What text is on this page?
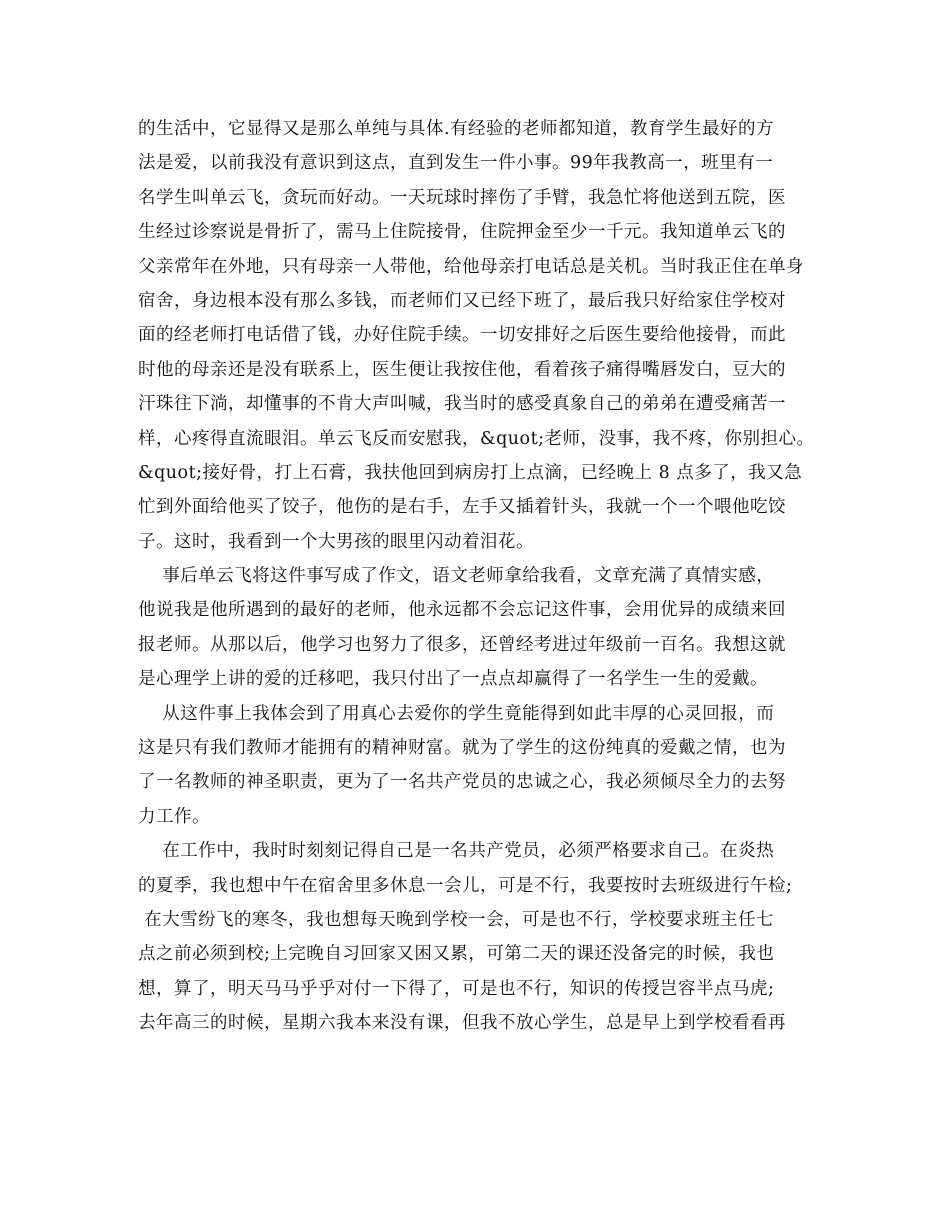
的生活中，它显得又是那么单纯与具体.有经验的老师都知道，教育学生最好的方
法是爱，以前我没有意识到这点，直到发生一件小事。99年我教高一，班里有一
名学生叫单云飞，贪玩而好动。一天玩球时摔伤了手臂，我急忙将他送到五院，医
生经过诊察说是骨折了，需马上住院接骨，住院押金至少一千元。我知道单云飞的
父亲常年在外地，只有母亲一人带他，给他母亲打电话总是关机。当时我正住在单身
宿舍，身边根本没有那么多钱，而老师们又已经下班了，最后我只好给家住学校对
面的经老师打电话借了钱，办好住院手续。一切安排好之后医生要给他接骨，而此
时他的母亲还是没有联系上，医生便让我按住他，看着孩子痛得嘴唇发白，豆大的
汗珠往下淌，却懂事的不肯大声叫喊，我当时的感受真象自己的弟弟在遭受痛苦一
样，心疼得直流眼泪。单云飞反而安慰我，&quot;老师，没事，我不疼，你别担心。
&quot;接好骨，打上石膏，我扶他回到病房打上点滴，已经晚上 8 点多了，我又急
忙到外面给他买了饺子，他伤的是右手，左手又插着针头，我就一个一个喂他吃饺
子。这时，我看到一个大男孩的眼里闪动着泪花。
事后单云飞将这件事写成了作文，语文老师拿给我看，文章充满了真情实感，
他说我是他所遇到的最好的老师，他永远都不会忘记这件事，会用优异的成绩来回
报老师。从那以后，他学习也努力了很多，还曾经考进过年级前一百名。我想这就
是心理学上讲的爱的迁移吧，我只付出了一点点却赢得了一名学生一生的爱戴。
从这件事上我体会到了用真心去爱你的学生竟能得到如此丰厚的心灵回报，而
这是只有我们教师才能拥有的精神财富。就为了学生的这份纯真的爱戴之情，也为
了一名教师的神圣职责，更为了一名共产党员的忠诚之心，我必须倾尽全力的去努
力工作。
在工作中，我时时刻刻记得自己是一名共产党员，必须严格要求自己。在炎热
的夏季，我也想中午在宿舍里多休息一会儿，可是不行，我要按时去班级进行午检;
在大雪纷飞的寒冬，我也想每天晚到学校一会，可是也不行，学校要求班主任七
点之前必须到校;上完晚自习回家又困又累，可第二天的课还没备完的时候，我也
想，算了，明天马马乎乎对付一下得了，可是也不行，知识的传授岂容半点马虎;
去年高三的时候，星期六我本来没有课，但我不放心学生，总是早上到学校看看再
